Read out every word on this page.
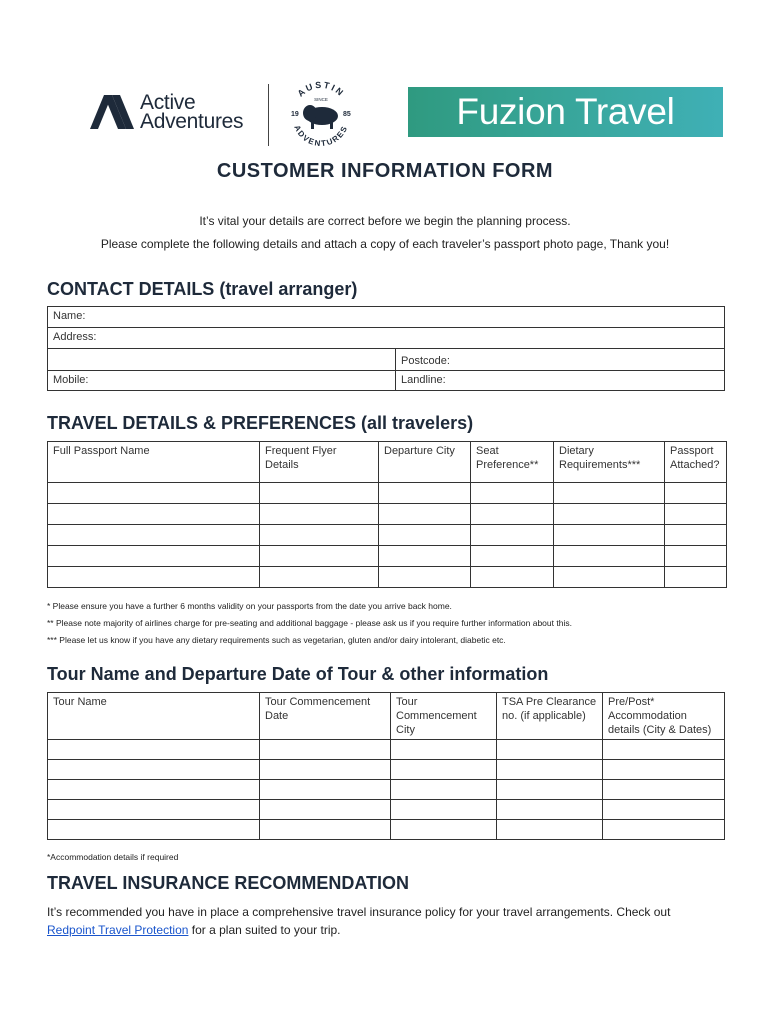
Active
Adventures
AUSTIN
ADVENTURES
SINCE
19	85	Fuzion Travel
CUSTOMER INFORMATION FORM
It’s vital your details are correct before we begin the planning process.
Please complete the following details and attach a copy of each traveler’s passport photo page, Thank you!
CONTACT DETAILS (travel arranger)
Name:	
Address:	
	Postcode:
Mobile:	Landline:
TRAVEL DETAILS & PREFERENCES (all travelers)
Full Passport Name	Frequent Flyer Details	Departure City	Seat Preference**	Dietary Requirements***	Passport Attached?

* Please ensure you have a further 6 months validity on your passports from the date you arrive back home.
** Please note majority of airlines charge for pre-seating and additional baggage - please ask us if you require further information about this.
*** Please let us know if you have any dietary requirements such as vegetarian, gluten and/or dairy intolerant, diabetic etc.
Tour Name and Departure Date of Tour & other information
Tour Name	Tour Commencement Date	Tour Commencement City	TSA Pre Clearance no. (if applicable)	Pre/Post* Accommodation details (City & Dates)

*Accommodation details if required
TRAVEL INSURANCE RECOMMENDATION
It’s recommended you have in place a comprehensive travel insurance policy for your travel arrangements. Check out
Redpoint Travel Protection for a plan suited to your trip.
